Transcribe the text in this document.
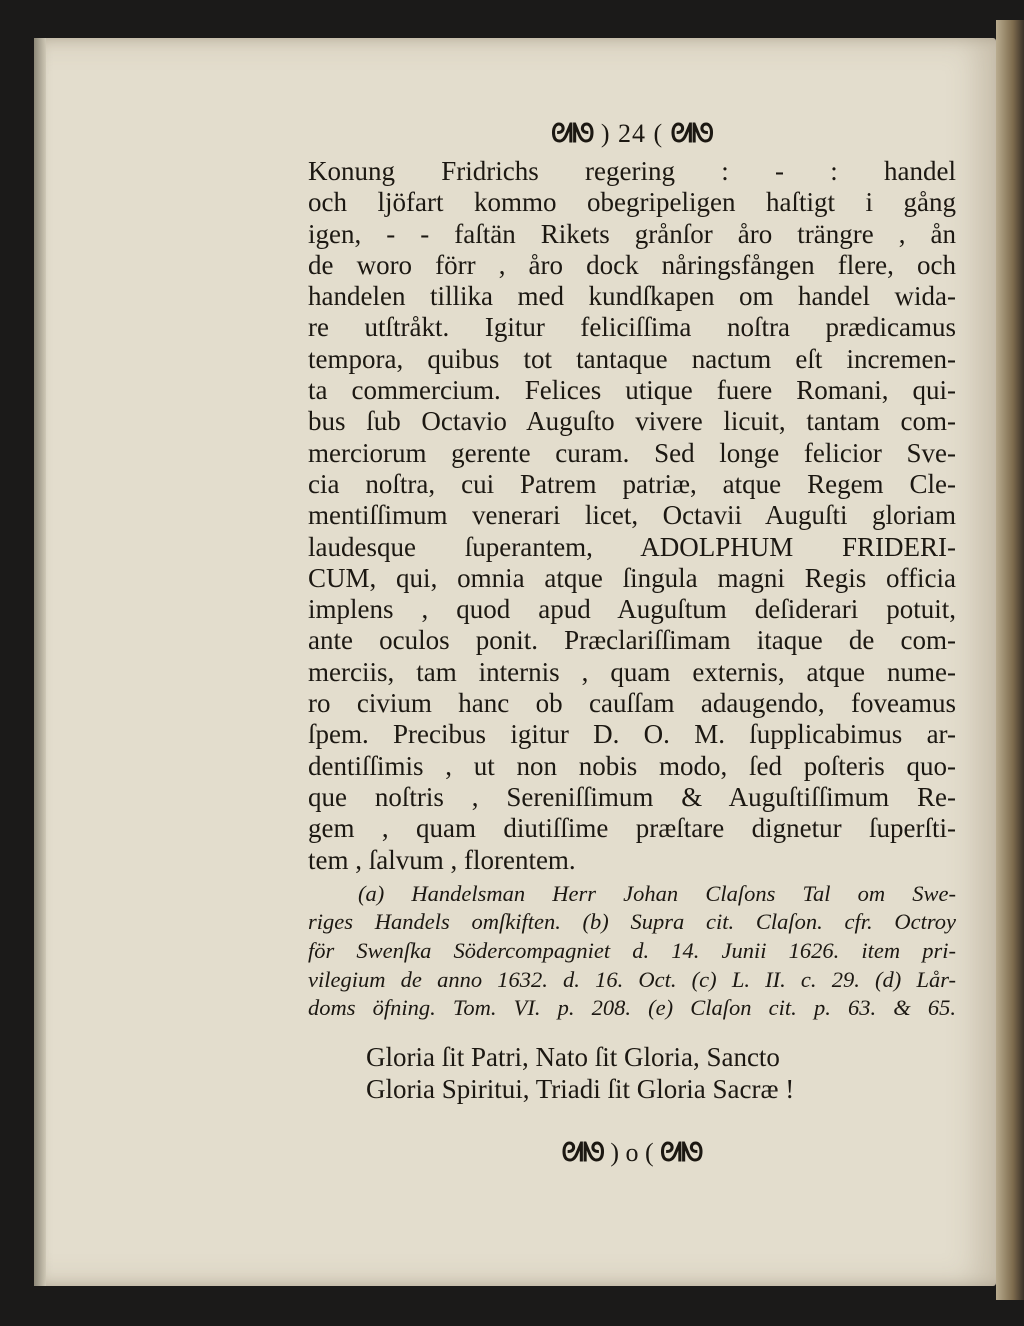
ᘛᘚ ) 24 ( ᘛᘚ
Konung Fridrichs regering : - : handel
och ljöfart kommo obegripeligen haſtigt i gång
igen, - - faſtän Rikets grånſor åro trängre , ån
de woro förr , åro dock nåringsfången flere, och
handelen tillika med kundſkapen om handel wida-
re utſtråkt. Igitur feliciſſima noſtra prædicamus
tempora, quibus tot tantaque nactum eſt incremen-
ta commercium. Felices utique fuere Romani, qui-
bus ſub Octavio Auguſto vivere licuit, tantam com-
merciorum gerente curam. Sed longe felicior Sve-
cia noſtra, cui Patrem patriæ, atque Regem Cle-
mentiſſimum venerari licet, Octavii Auguſti gloriam
laudesque ſuperantem, ADOLPHUM FRIDERI-
CUM, qui, omnia atque ſingula magni Regis officia
implens , quod apud Auguſtum deſiderari potuit,
ante oculos ponit. Præclariſſimam itaque de com-
merciis, tam internis , quam externis, atque nume-
ro civium hanc ob cauſſam adaugendo, foveamus
ſpem. Precibus igitur D. O. M. ſupplicabimus ar-
dentiſſimis , ut non nobis modo, ſed poſteris quo-
que noſtris , Sereniſſimum & Auguſtiſſimum Re-
gem , quam diutiſſime præſtare dignetur ſuperſti-
tem , ſalvum , florentem.
(a) Handelsman Herr Johan Claſons Tal om Swe-
riges Handels omſkiften. (b) Supra cit. Claſon. cfr. Octroy
för Swenſka Södercompagniet d. 14. Junii 1626. item pri-
vilegium de anno 1632. d. 16. Oct. (c) L. II. c. 29. (d) Lår-
doms öfning. Tom. VI. p. 208. (e) Claſon cit. p. 63. & 65.
Gloria ſit Patri, Nato ſit Gloria, Sancto
Gloria Spiritui, Triadi ſit Gloria Sacræ !
ᘛᘚ ) o ( ᘛᘚ
